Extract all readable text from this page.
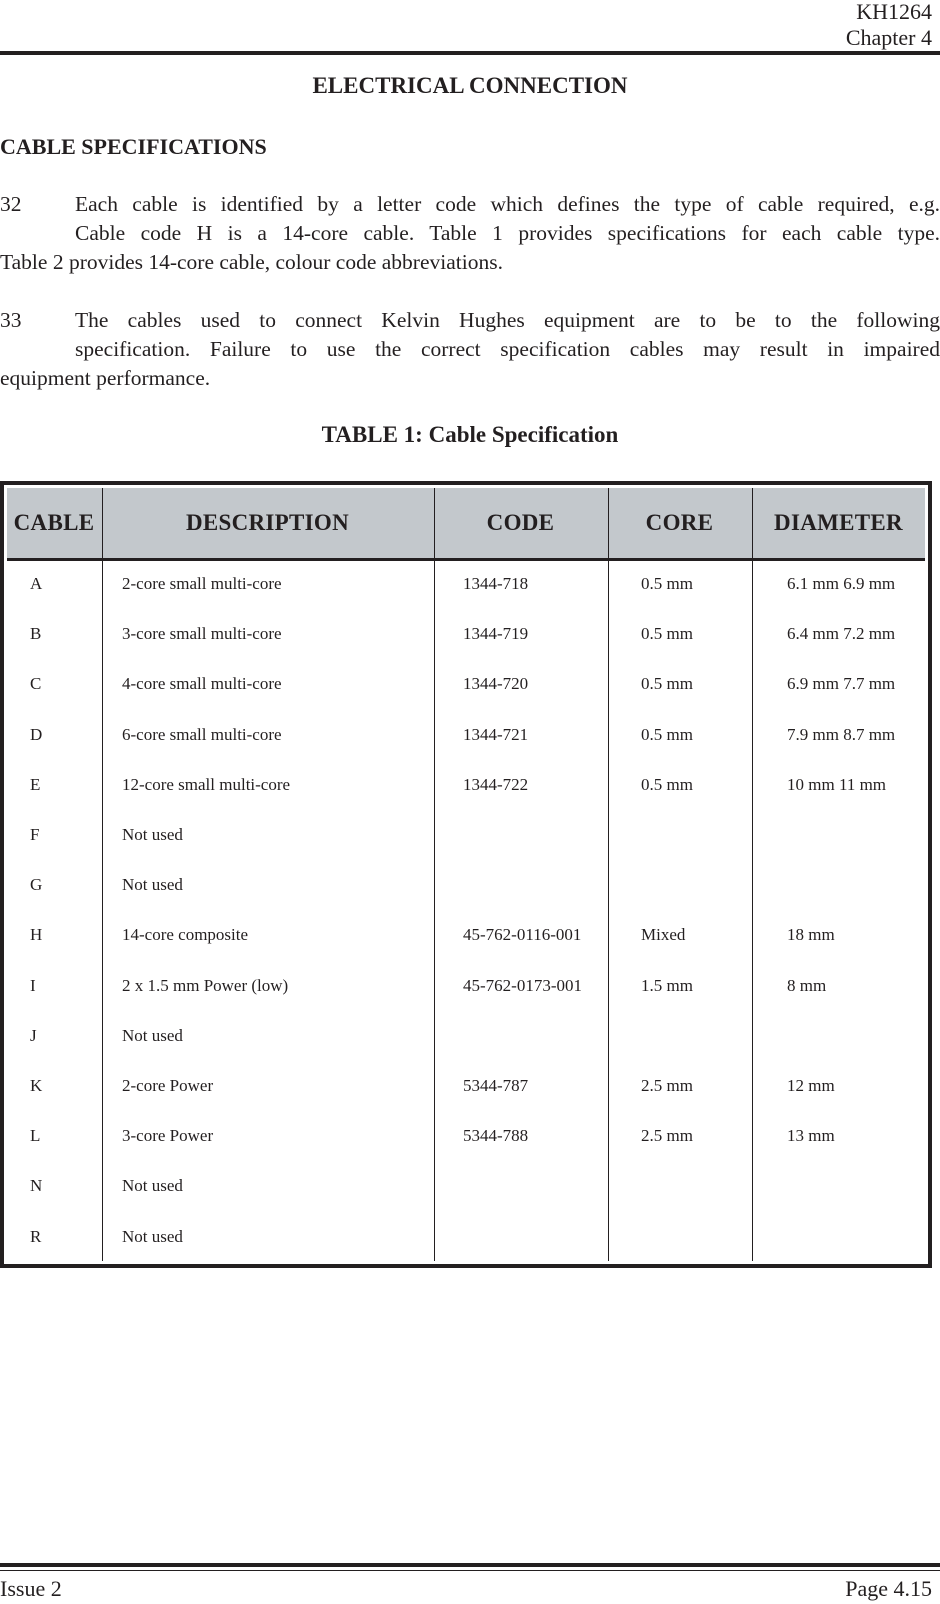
KH1264
Chapter 4
ELECTRICAL CONNECTION
CABLE SPECIFICATIONS
32	Each cable is identified by a letter code which defines the type of cable required, e.g.
Cable code H is a 14-core cable. Table 1 provides specifications for each cable type.
Table 2 provides 14-core cable, colour code abbreviations.
33	The cables used to connect Kelvin Hughes equipment are to be to the following
specification. Failure to use the correct specification cables may result in impaired
equipment performance.
TABLE 1: Cable Specification
CABLE	DESCRIPTION	CODE	CORE	DIAMETER
A	2-core small multi-core	1344-718	0.5 mm	6.1 mm 6.9 mm
B	3-core small multi-core	1344-719	0.5 mm	6.4 mm 7.2 mm
C	4-core small multi-core	1344-720	0.5 mm	6.9 mm 7.7 mm
D	6-core small multi-core	1344-721	0.5 mm	7.9 mm 8.7 mm
E	12-core small multi-core	1344-722	0.5 mm	10 mm 11 mm
F	Not used
G	Not used
H	14-core composite	45-762-0116-001	Mixed	18 mm
I	2 x 1.5 mm Power (low)	45-762-0173-001	1.5 mm	8 mm
J	Not used
K	2-core Power	5344-787	2.5 mm	12 mm
L	3-core Power	5344-788	2.5 mm	13 mm
N	Not used
R	Not used
Issue 2	Page 4.15
